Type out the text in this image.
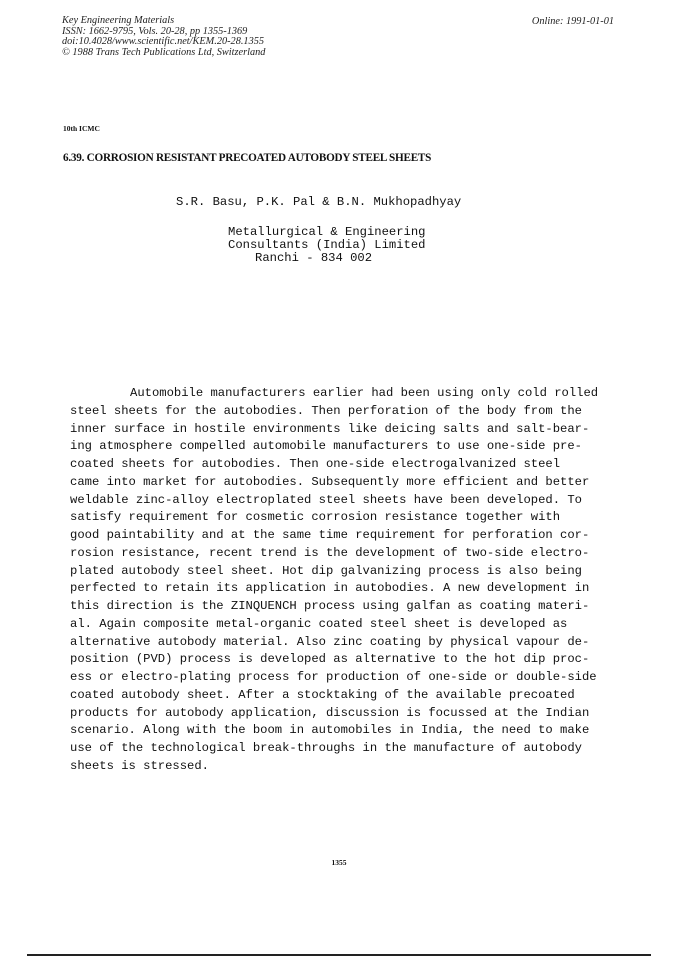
Key Engineering Materials
ISSN: 1662-9795, Vols. 20-28, pp 1355-1369
doi:10.4028/www.scientific.net/KEM.20-28.1355
© 1988 Trans Tech Publications Ltd, Switzerland
Online: 1991-01-01
10th ICMC
6.39. CORROSION RESISTANT PRECOATED AUTOBODY STEEL SHEETS
S.R. Basu, P.K. Pal & B.N. Mukhopadhyay
Metallurgical & Engineering
Consultants (India) Limited
Ranchi - 834 002
Automobile manufacturers earlier had been using only cold rolled
steel sheets for the autobodies. Then perforation of the body from the
inner surface in hostile environments like deicing salts and salt-bear-
ing atmosphere compelled automobile manufacturers to use one-side pre-
coated sheets for autobodies. Then one-side electrogalvanized steel
came into market for autobodies. Subsequently more efficient and better
weldable zinc-alloy electroplated steel sheets have been developed. To
satisfy requirement for cosmetic corrosion resistance together with
good paintability and at the same time requirement for perforation cor-
rosion resistance, recent trend is the development of two-side electro-
plated autobody steel sheet. Hot dip galvanizing process is also being
perfected to retain its application in autobodies. A new development in
this direction is the ZINQUENCH process using galfan as coating materi-
al. Again composite metal-organic coated steel sheet is developed as
alternative autobody material. Also zinc coating by physical vapour de-
position (PVD) process is developed as alternative to the hot dip proc-
ess or electro-plating process for production of one-side or double-side
coated autobody sheet. After a stocktaking of the available precoated
products for autobody application, discussion is focussed at the Indian
scenario. Along with the boom in automobiles in India, the need to make
use of the technological break-throughs in the manufacture of autobody
sheets is stressed.
1355
